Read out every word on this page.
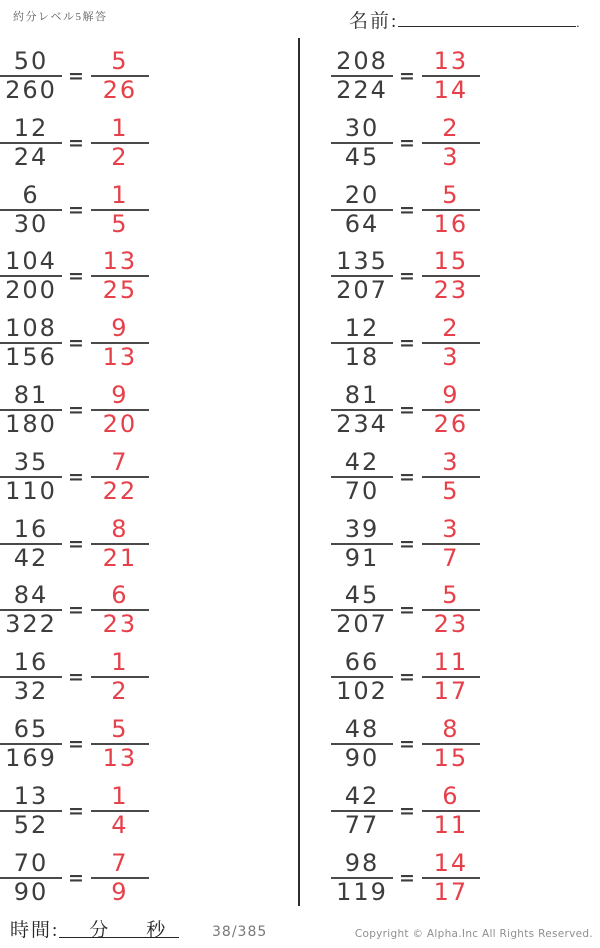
約分レベル5解答	名前:	.
$\frac{50}{260} = \frac{5}{26}$
$\frac{12}{24} = \frac{1}{2}$
$\frac{6}{30} = \frac{1}{5}$
$\frac{104}{200} = \frac{13}{25}$
$\frac{108}{156} = \frac{9}{13}$
$\frac{81}{180} = \frac{9}{20}$
$\frac{35}{110} = \frac{7}{22}$
$\frac{16}{42} = \frac{8}{21}$
$\frac{84}{322} = \frac{6}{23}$
$\frac{16}{32} = \frac{1}{2}$
$\frac{65}{169} = \frac{5}{13}$
$\frac{13}{52} = \frac{1}{4}$
$\frac{70}{90} = \frac{7}{9}$
$\frac{208}{224} = \frac{13}{14}$
$\frac{30}{45} = \frac{2}{3}$
$\frac{20}{64} = \frac{5}{16}$
$\frac{135}{207} = \frac{15}{23}$
$\frac{12}{18} = \frac{2}{3}$
$\frac{81}{234} = \frac{9}{26}$
$\frac{42}{70} = \frac{3}{5}$
$\frac{39}{91} = \frac{3}{7}$
$\frac{45}{207} = \frac{5}{23}$
$\frac{66}{102} = \frac{11}{17}$
$\frac{48}{90} = \frac{8}{15}$
$\frac{42}{77} = \frac{6}{11}$
$\frac{98}{119} = \frac{14}{17}$
時間: 分 秒	38/385	Copyright © Alpha.Inc All Rights Reserved.
